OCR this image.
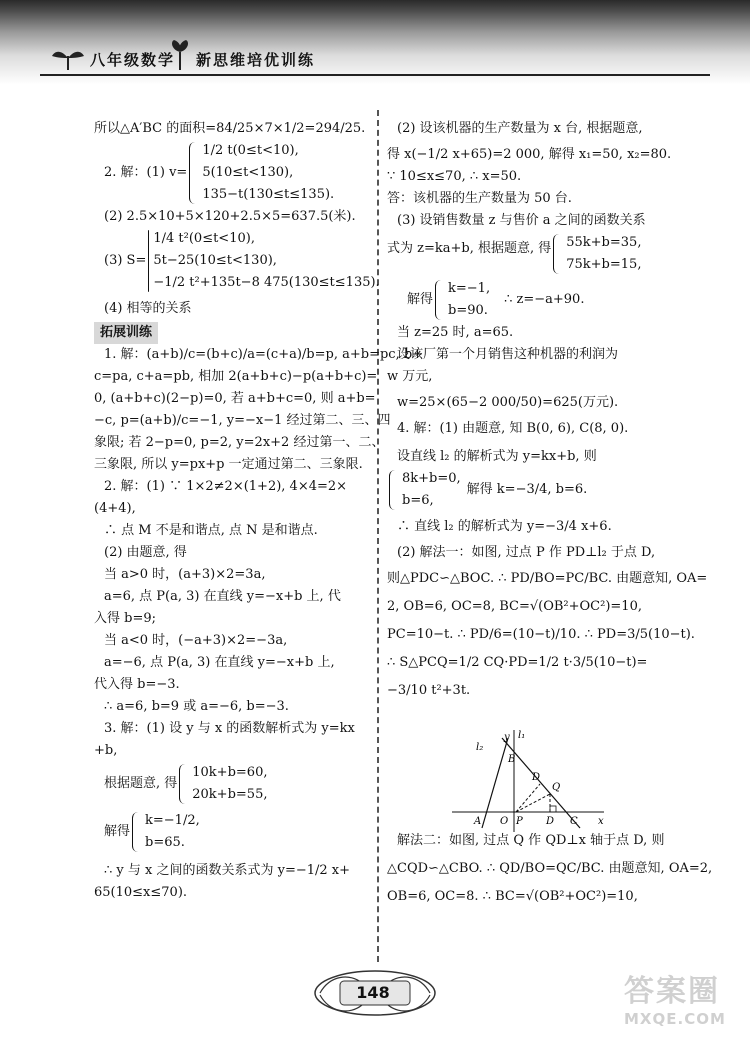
八年级数学 新思维培优训练
所以△A′BC 的面积=84/25×7×1/2=294/25.
2. 解：(1) v=
1/2 t(0≤t<10),
5(10≤t<130),
135−t(130≤t≤135).
(2) 2.5×10+5×120+2.5×5=637.5(米).
(3) S=
1/4 t²(0≤t<10),
5t−25(10≤t<130),
−1/2 t²+135t−8 475(130≤t≤135).
(4) 相等的关系
拓展训练
1. 解：(a+b)/c=(b+c)/a=(c+a)/b=p, a+b=pc, b+
c=pa, c+a=pb, 相加 2(a+b+c)−p(a+b+c)=
0, (a+b+c)(2−p)=0, 若 a+b+c=0, 则 a+b=
−c, p=(a+b)/c=−1, y=−x−1 经过第二、三、四
象限; 若 2−p=0, p=2, y=2x+2 经过第一、二、
三象限, 所以 y=px+p 一定通过第二、三象限.
2. 解：(1) ∵ 1×2≠2×(1+2), 4×4=2×
(4+4),
∴ 点 M 不是和谐点, 点 N 是和谐点.
(2) 由题意, 得
当 a>0 时，(a+3)×2=3a,
a=6, 点 P(a, 3) 在直线 y=−x+b 上, 代
入得 b=9;
当 a<0 时，(−a+3)×2=−3a,
a=−6, 点 P(a, 3) 在直线 y=−x+b 上,
代入得 b=−3.
∴ a=6, b=9 或 a=−6, b=−3.
3. 解：(1) 设 y 与 x 的函数解析式为 y=kx
+b,
根据题意, 得
10k+b=60,
20k+b=55,
解得
k=−1/2,
b=65.
∴ y 与 x 之间的函数关系式为 y=−1/2 x+
65(10≤x≤70).
(2) 设该机器的生产数量为 x 台, 根据题意,
得 x(−1/2 x+65)=2 000, 解得 x₁=50, x₂=80.
∵ 10≤x≤70, ∴ x=50.
答：该机器的生产数量为 50 台.
(3) 设销售数量 z 与售价 a 之间的函数关系
式为 z=ka+b, 根据题意, 得 55k+b=35,
75k+b=15,
解得
k=−1,
b=90.
∴ z=−a+90.
当 z=25 时, a=65.
设该厂第一个月销售这种机器的利润为
w 万元,
w=25×(65−2 000/50)=625(万元).
4. 解：(1) 由题意, 知 B(0, 6), C(8, 0).
设直线 l₂ 的解析式为 y=kx+b, 则
8k+b=0,
b=6,
解得 k=−3/4, b=6.
∴ 直线 l₂ 的解析式为 y=−3/4 x+6.
(2) 解法一：如图, 过点 P 作 PD⊥l₂ 于点 D,
则△PDC∽△BOC. ∴ PD/BO=PC/BC. 由题意知, OA=
2, OB=6, OC=8, BC=√(OB²+OC²)=10,
PC=10−t. ∴ PD/6=(10−t)/10. ∴ PD=3/5(10−t).
∴ S△PCQ=1/2 CQ·PD=1/2 t·3/5(10−t)=
−3/10 t²+3t.
解法二：如图, 过点 Q 作 QD⊥x 轴于点 D, 则
△CQD∽△CBO. ∴ QD/BO=QC/BC. 由题意知, OA=2,
OB=6, OC=8. ∴ BC=√(OB²+OC²)=10,
l₂
l₁
y
B
D
Q
A O P D C x
148	答案圈
MXQE.COM
